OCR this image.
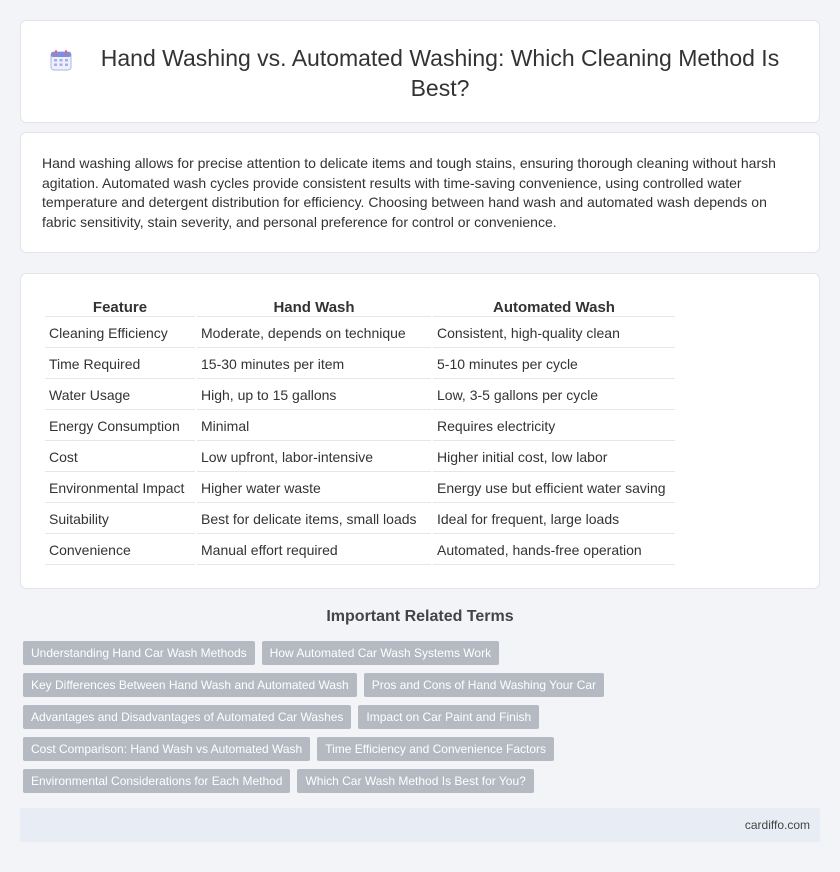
Hand Washing vs. Automated Washing: Which Cleaning Method Is Best?

Hand washing allows for precise attention to delicate items and tough stains, ensuring thorough cleaning without harsh agitation. Automated wash cycles provide consistent results with time-saving convenience, using controlled water temperature and detergent distribution for efficiency. Choosing between hand wash and automated wash depends on fabric sensitivity, stain severity, and personal preference for control or convenience.

Feature	Hand Wash	Automated Wash
Cleaning Efficiency	Moderate, depends on technique	Consistent, high-quality clean
Time Required	15-30 minutes per item	5-10 minutes per cycle
Water Usage	High, up to 15 gallons	Low, 3-5 gallons per cycle
Energy Consumption	Minimal	Requires electricity
Cost	Low upfront, labor-intensive	Higher initial cost, low labor
Environmental Impact	Higher water waste	Energy use but efficient water saving
Suitability	Best for delicate items, small loads	Ideal for frequent, large loads
Convenience	Manual effort required	Automated, hands-free operation
Important Related Terms
Understanding Hand Car Wash Methods	How Automated Car Wash Systems Work
Key Differences Between Hand Wash and Automated Wash	Pros and Cons of Hand Washing Your Car
Advantages and Disadvantages of Automated Car Washes	Impact on Car Paint and Finish
Cost Comparison: Hand Wash vs Automated Wash	Time Efficiency and Convenience Factors
Environmental Considerations for Each Method	Which Car Wash Method Is Best for You?
cardiffo.com
